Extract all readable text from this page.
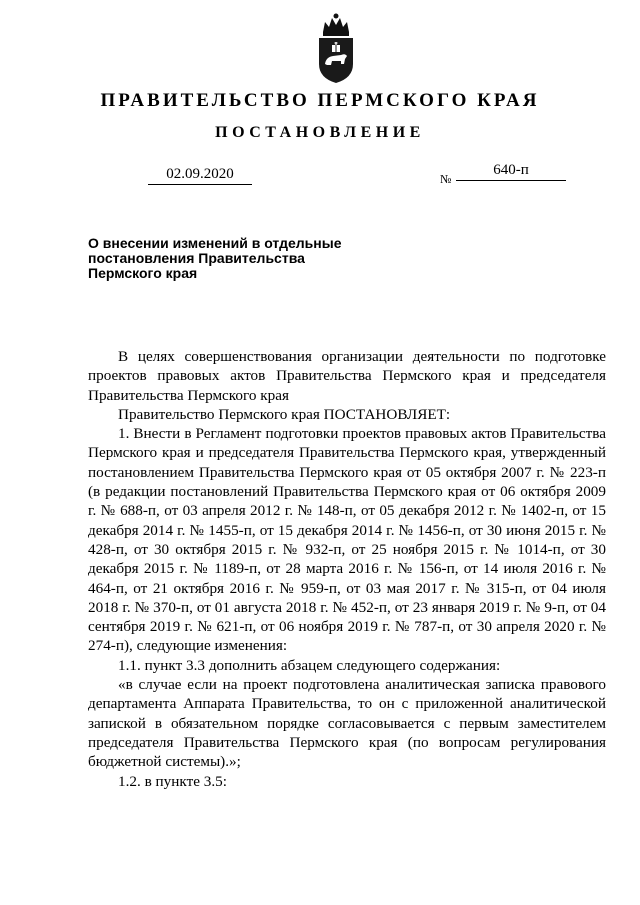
ПРАВИТЕЛЬСТВО ПЕРМСКОГО КРАЯ
ПОСТАНОВЛЕНИЕ
02.09.2020	№
640-п
О внесении изменений в отдельные
постановления Правительства
Пермского края

В целях совершенствования организации деятельности по подготовке проектов правовых актов Правительства Пермского края и председателя Правительства Пермского края

Правительство Пермского края ПОСТАНОВЛЯЕТ:

1. Внести в Регламент подготовки проектов правовых актов Правительства Пермского края и председателя Правительства Пермского края, утвержденный постановлением Правительства Пермского края от 05 октября 2007 г. № 223-п (в редакции постановлений Правительства Пермского края от 06 октября 2009 г. № 688-п, от 03 апреля 2012 г. № 148-п, от 05 декабря 2012 г. № 1402-п, от 15 декабря 2014 г. № 1455-п, от 15 декабря 2014 г. № 1456-п, от 30 июня 2015 г. № 428-п, от 30 октября 2015 г. № 932-п, от 25 ноября 2015 г. № 1014-п, от 30 декабря 2015 г. № 1189-п, от 28 марта 2016 г. № 156-п, от 14 июля 2016 г. № 464-п, от 21 октября 2016 г. № 959-п, от 03 мая 2017 г. № 315-п, от 04 июля 2018 г. № 370-п, от 01 августа 2018 г. № 452-п, от 23 января 2019 г. № 9-п, от 04 сентября 2019 г. № 621-п, от 06 ноября 2019 г. № 787-п, от 30 апреля 2020 г. № 274-п), следующие изменения:

1.1. пункт 3.3 дополнить абзацем следующего содержания:

«в случае если на проект подготовлена аналитическая записка правового департамента Аппарата Правительства, то он с приложенной аналитической запиской в обязательном порядке согласовывается с первым заместителем председателя Правительства Пермского края (по вопросам регулирования бюджетной системы).»;

1.2. в пункте 3.5:
